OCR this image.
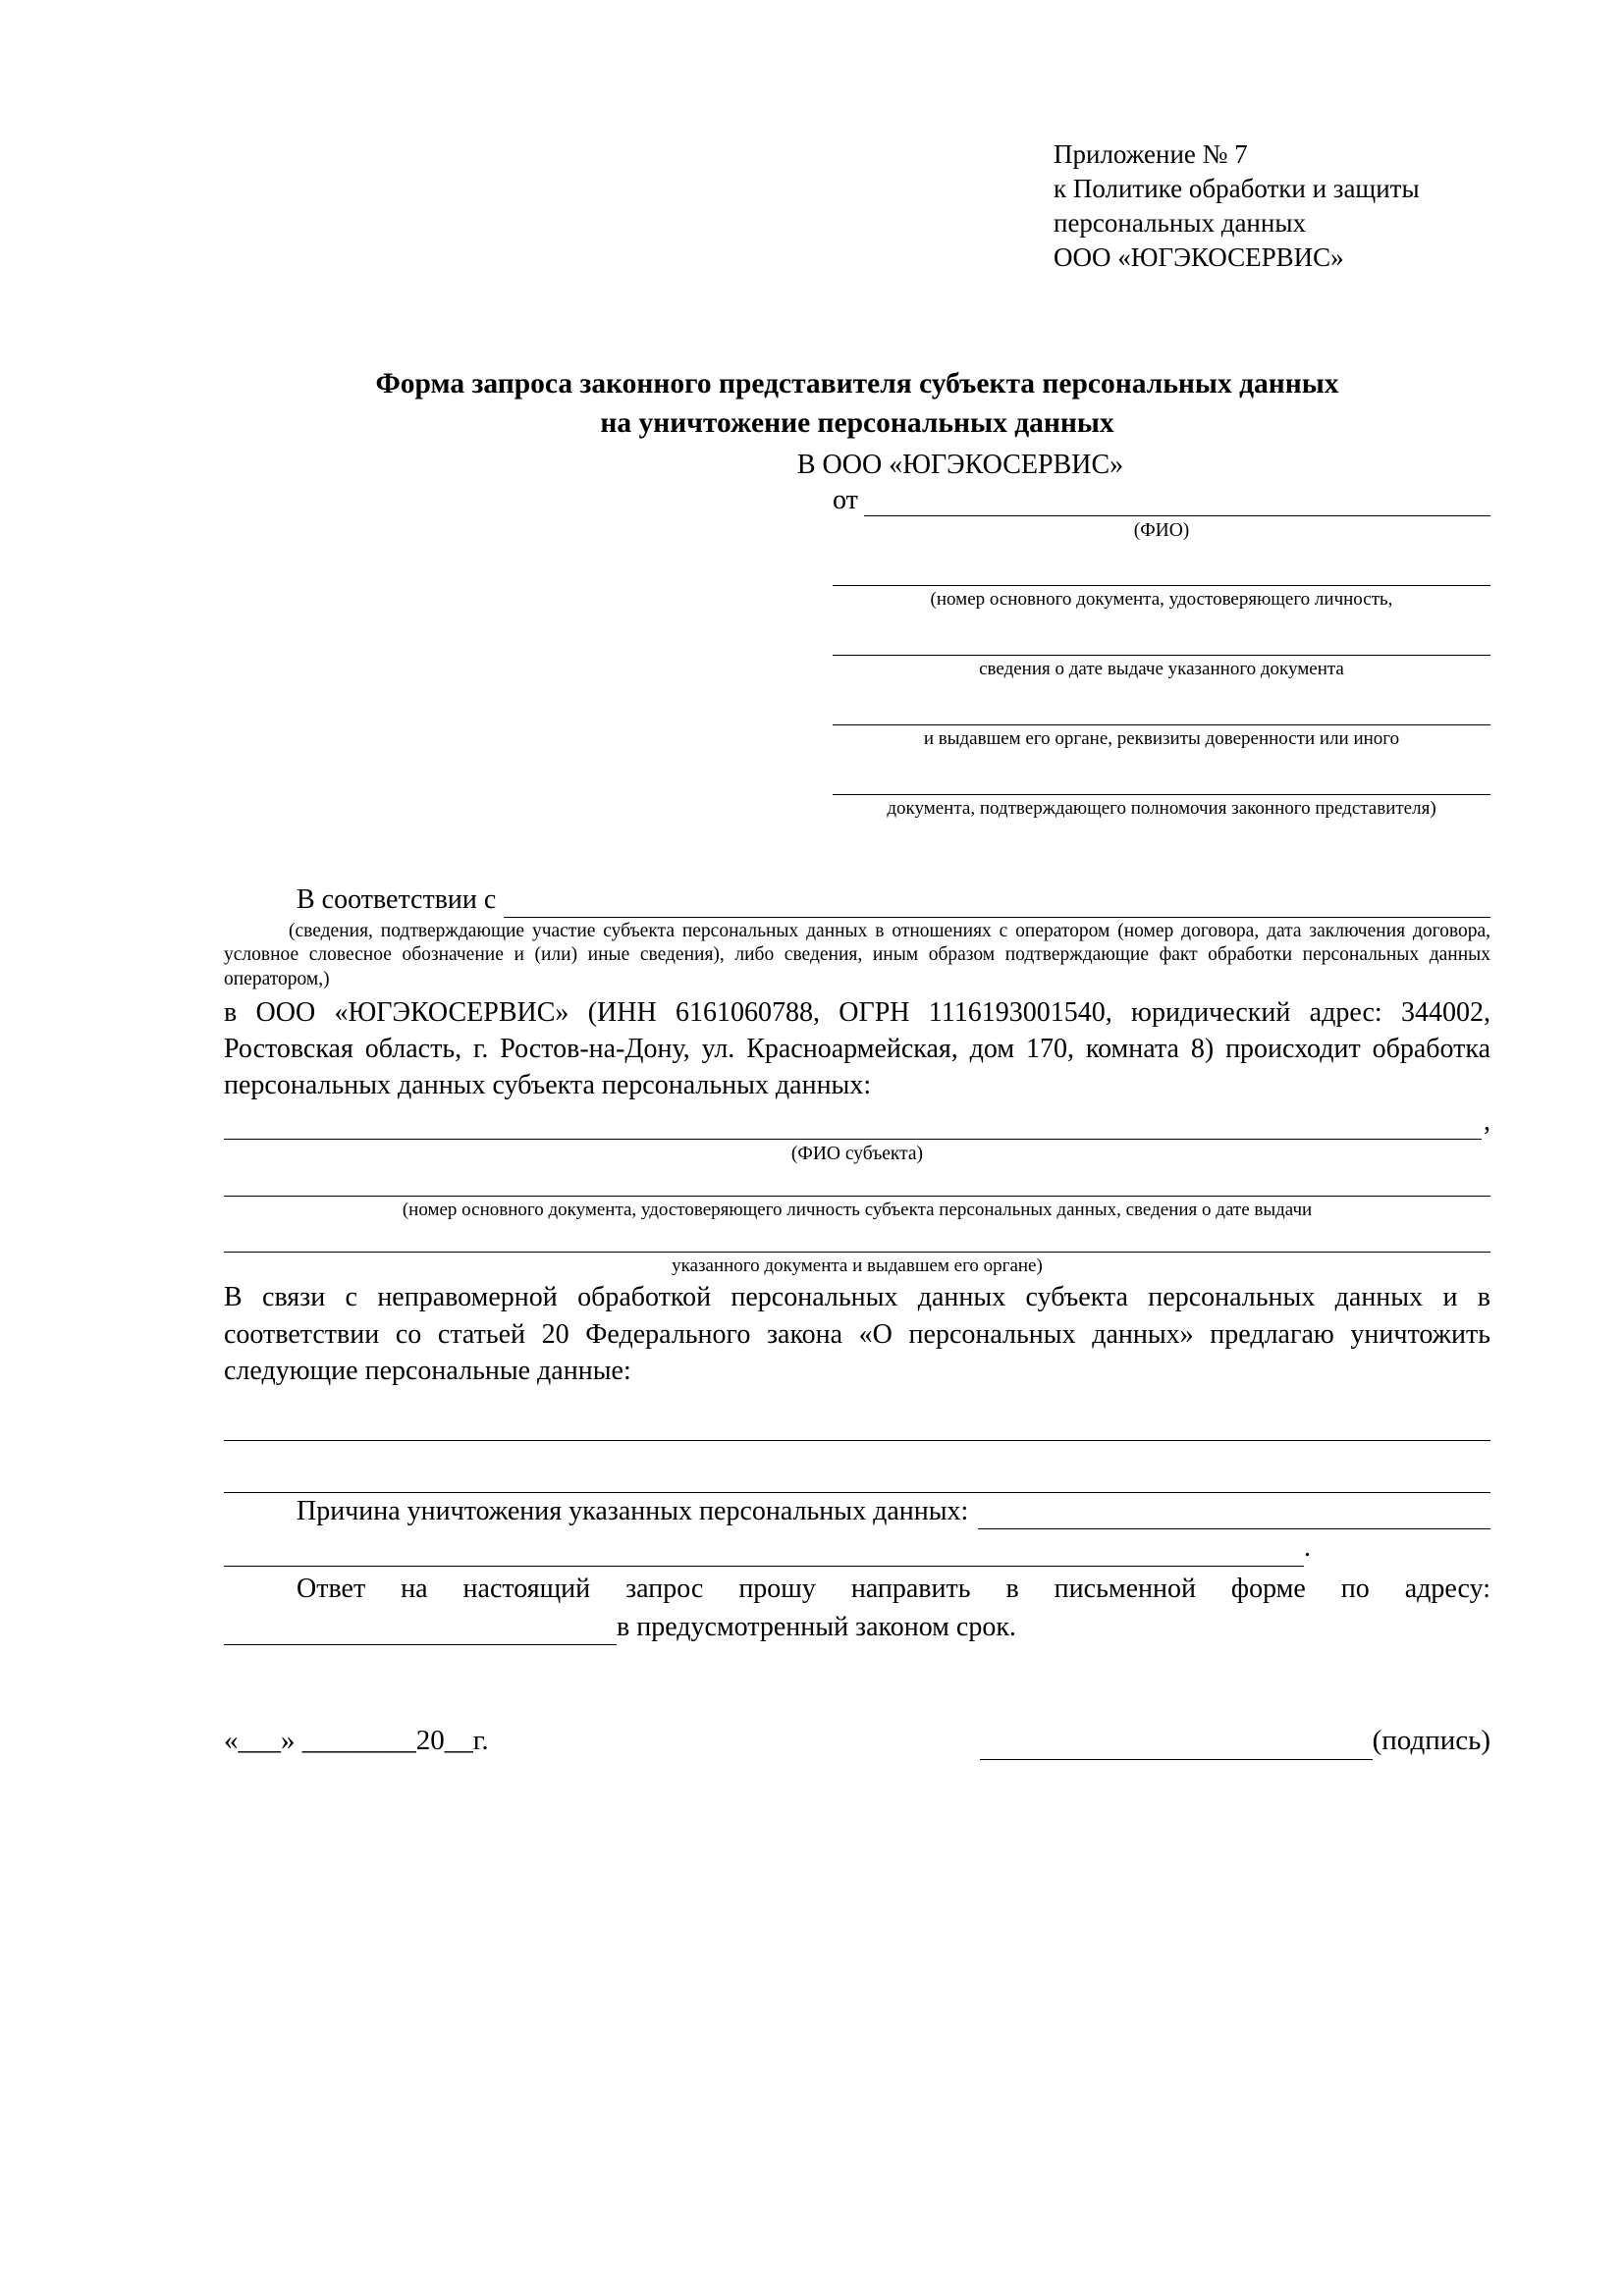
Приложение № 7
к Политике обработки и защиты
персональных данных
ООО «ЮГЭКОСЕРВИС»
Форма запроса законного представителя субъекта персональных данных
на уничтожение персональных данных
В ООО «ЮГЭКОСЕРВИС»
от
(ФИО)
(номер основного документа, удостоверяющего личность,
сведения о дате выдаче указанного документа
и выдавшем его органе, реквизиты доверенности или иного
документа, подтверждающего полномочия законного представителя)
В соответствии с
(сведения, подтверждающие участие субъекта персональных данных в отношениях с оператором (номер договора, дата заключения договора, условное словесное обозначение и (или) иные сведения), либо сведения, иным образом подтверждающие факт обработки персональных данных оператором,)
в ООО «ЮГЭКОСЕРВИС» (ИНН 6161060788, ОГРН 1116193001540, юридический адрес: 344002, Ростовская область, г. Ростов-на-Дону, ул. Красноармейская, дом 170, комната 8) происходит обработка персональных данных субъекта персональных данных:
,
(ФИО субъекта)
(номер основного документа, удостоверяющего личность субъекта персональных данных, сведения о дате выдачи
указанного документа и выдавшем его органе)
В связи с неправомерной обработкой персональных данных субъекта персональных данных и в соответствии со статьей 20 Федерального закона «О персональных данных» предлагаю уничтожить следующие персональные данные:
Причина уничтожения указанных персональных данных:
.
Ответ на настоящий запрос прошу направить в письменной форме по адресу:
в предусмотренный законом срок.
«___» ________20__г.	(подпись)
